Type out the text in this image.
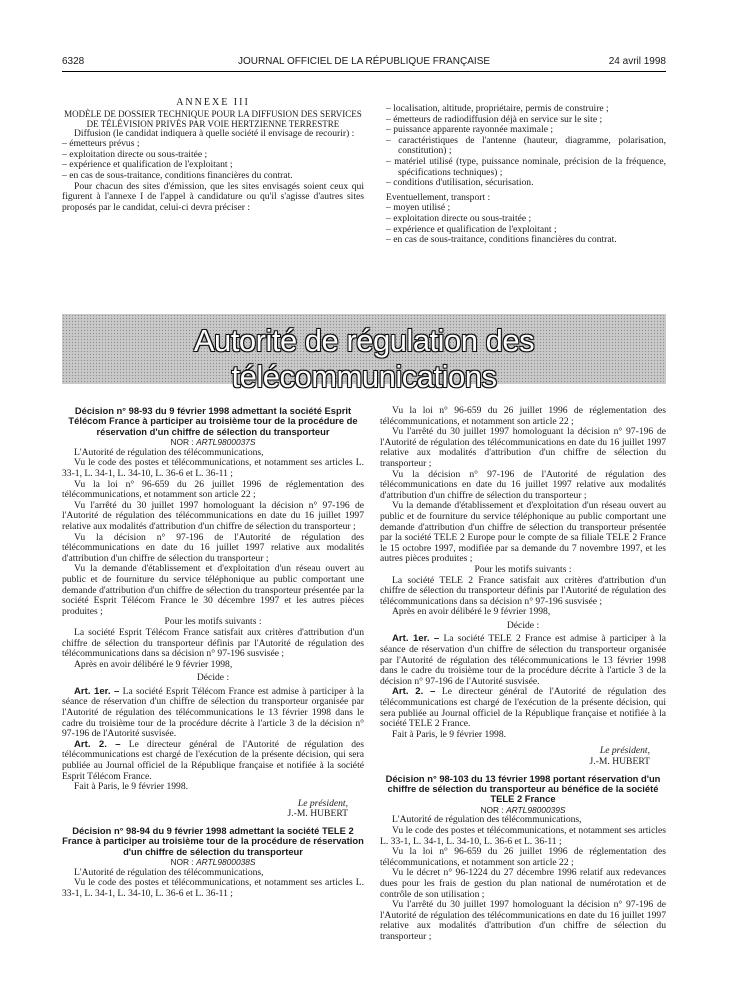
6328	JOURNAL OFFICIEL DE LA RÉPUBLIQUE FRANÇAISE	24 avril 1998

ANNEXE III

MODÈLE DE DOSSIER TECHNIQUE POUR LA DIFFUSION DES SERVICES DE TÉLÉVISION PRIVÉS PAR VOIE HERTZIENNE TERRESTRE

Diffusion (le candidat indiquera à quelle société il envisage de recourir) :

– émetteurs prévus ;

– exploitation directe ou sous-traitée ;

– expérience et qualification de l'exploitant ;

– en cas de sous-traitance, conditions financières du contrat.

Pour chacun des sites d'émission, que les sites envisagés soient ceux qui figurent à l'annexe I de l'appel à candidature ou qu'il s'agisse d'autres sites proposés par le candidat, celui-ci devra préciser :

– localisation, altitude, propriétaire, permis de construire ;

– émetteurs de radiodiffusion déjà en service sur le site ;

– puissance apparente rayonnée maximale ;

– caractéristiques de l'antenne (hauteur, diagramme, polarisation, constitution) ;

– matériel utilisé (type, puissance nominale, précision de la fréquence, spécifications techniques) ;

– conditions d'utilisation, sécurisation.

Eventuellement, transport :

– moyen utilisé ;

– exploitation directe ou sous-traitée ;

– expérience et qualification de l'exploitant ;

– en cas de sous-traitance, conditions financières du contrat.

Autorité de régulation des télécommunications

Décision n° 98-93 du 9 février 1998 admettant la société Esprit Télécom France à participer au troisième tour de la procédure de réservation d'un chiffre de sélection du transporteur

NOR : ARTL9800037S

L'Autorité de régulation des télécommunications,

Vu le code des postes et télécommunications, et notamment ses articles L. 33-1, L. 34-1, L. 34-10, L. 36-6 et L. 36-11 ;

Vu la loi n° 96-659 du 26 juillet 1996 de réglementation des télécommunications, et notamment son article 22 ;

Vu l'arrêté du 30 juillet 1997 homologuant la décision n° 97-196 de l'Autorité de régulation des télécommunications en date du 16 juillet 1997 relative aux modalités d'attribution d'un chiffre de sélection du transporteur ;

Vu la décision n° 97-196 de l'Autorité de régulation des télécommunications en date du 16 juillet 1997 relative aux modalités d'attribution d'un chiffre de sélection du transporteur ;

Vu la demande d'établissement et d'exploitation d'un réseau ouvert au public et de fourniture du service téléphonique au public comportant une demande d'attribution d'un chiffre de sélection du transporteur présentée par la société Esprit Télécom France le 30 décembre 1997 et les autres pièces produites ;

Pour les motifs suivants :

La société Esprit Télécom France satisfait aux critères d'attribution d'un chiffre de sélection du transporteur définis par l'Autorité de régulation des télécommunications dans sa décision n° 97-196 susvisée ;

Après en avoir délibéré le 9 février 1998,

Décide :

Art. 1er. – La société Esprit Télécom France est admise à participer à la séance de réservation d'un chiffre de sélection du transporteur organisée par l'Autorité de régulation des télécommunications le 13 février 1998 dans le cadre du troisième tour de la procédure décrite à l'article 3 de la décision n° 97-196 de l'Autorité susvisée.

Art. 2. – Le directeur général de l'Autorité de régulation des télécommunications est chargé de l'exécution de la présente décision, qui sera publiée au Journal officiel de la République française et notifiée à la société Esprit Télécom France.

Fait à Paris, le 9 février 1998.

Le président,

J.-M. HUBERT

Décision n° 98-94 du 9 février 1998 admettant la société TELE 2 France à participer au troisième tour de la procédure de réservation d'un chiffre de sélection du transporteur

NOR : ARTL9800038S

L'Autorité de régulation des télécommunications,

Vu le code des postes et télécommunications, et notamment ses articles L. 33-1, L. 34-1, L. 34-10, L. 36-6 et L. 36-11 ;

Vu la loi n° 96-659 du 26 juillet 1996 de réglementation des télécommunications, et notamment son article 22 ;

Vu l'arrêté du 30 juillet 1997 homologuant la décision n° 97-196 de l'Autorité de régulation des télécommunications en date du 16 juillet 1997 relative aux modalités d'attribution d'un chiffre de sélection du transporteur ;

Vu la décision n° 97-196 de l'Autorité de régulation des télécommunications en date du 16 juillet 1997 relative aux modalités d'attribution d'un chiffre de sélection du transporteur ;

Vu la demande d'établissement et d'exploitation d'un réseau ouvert au public et de fourniture du service téléphonique au public comportant une demande d'attribution d'un chiffre de sélection du transporteur présentée par la société TELE 2 Europe pour le compte de sa filiale TELE 2 France le 15 octobre 1997, modifiée par sa demande du 7 novembre 1997, et les autres pièces produites ;

Pour les motifs suivants :

La société TELE 2 France satisfait aux critères d'attribution d'un chiffre de sélection du transporteur définis par l'Autorité de régulation des télécommunications dans sa décision n° 97-196 susvisée ;

Après en avoir délibéré le 9 février 1998,

Décide :

Art. 1er. – La société TELE 2 France est admise à participer à la séance de réservation d'un chiffre de sélection du transporteur organisée par l'Autorité de régulation des télécommunications le 13 février 1998 dans le cadre du troisième tour de la procédure décrite à l'article 3 de la décision n° 97-196 de l'Autorité susvisée.

Art. 2. – Le directeur général de l'Autorité de régulation des télécommunications est chargé de l'exécution de la présente décision, qui sera publiée au Journal officiel de la République française et notifiée à la société TELE 2 France.

Fait à Paris, le 9 février 1998.

Le président,

J.-M. HUBERT

Décision n° 98-103 du 13 février 1998 portant réservation d'un chiffre de sélection du transporteur au bénéfice de la société TELE 2 France

NOR : ARTL9800039S

L'Autorité de régulation des télécommunications,

Vu le code des postes et télécommunications, et notamment ses articles L. 33-1, L. 34-1, L. 34-10, L. 36-6 et L. 36-11 ;

Vu la loi n° 96-659 du 26 juillet 1996 de réglementation des télécommunications, et notamment son article 22 ;

Vu le décret n° 96-1224 du 27 décembre 1996 relatif aux redevances dues pour les frais de gestion du plan national de numérotation et de contrôle de son utilisation ;

Vu l'arrêté du 30 juillet 1997 homologuant la décision n° 97-196 de l'Autorité de régulation des télécommunications en date du 16 juillet 1997 relative aux modalités d'attribution d'un chiffre de sélection du transporteur ;
